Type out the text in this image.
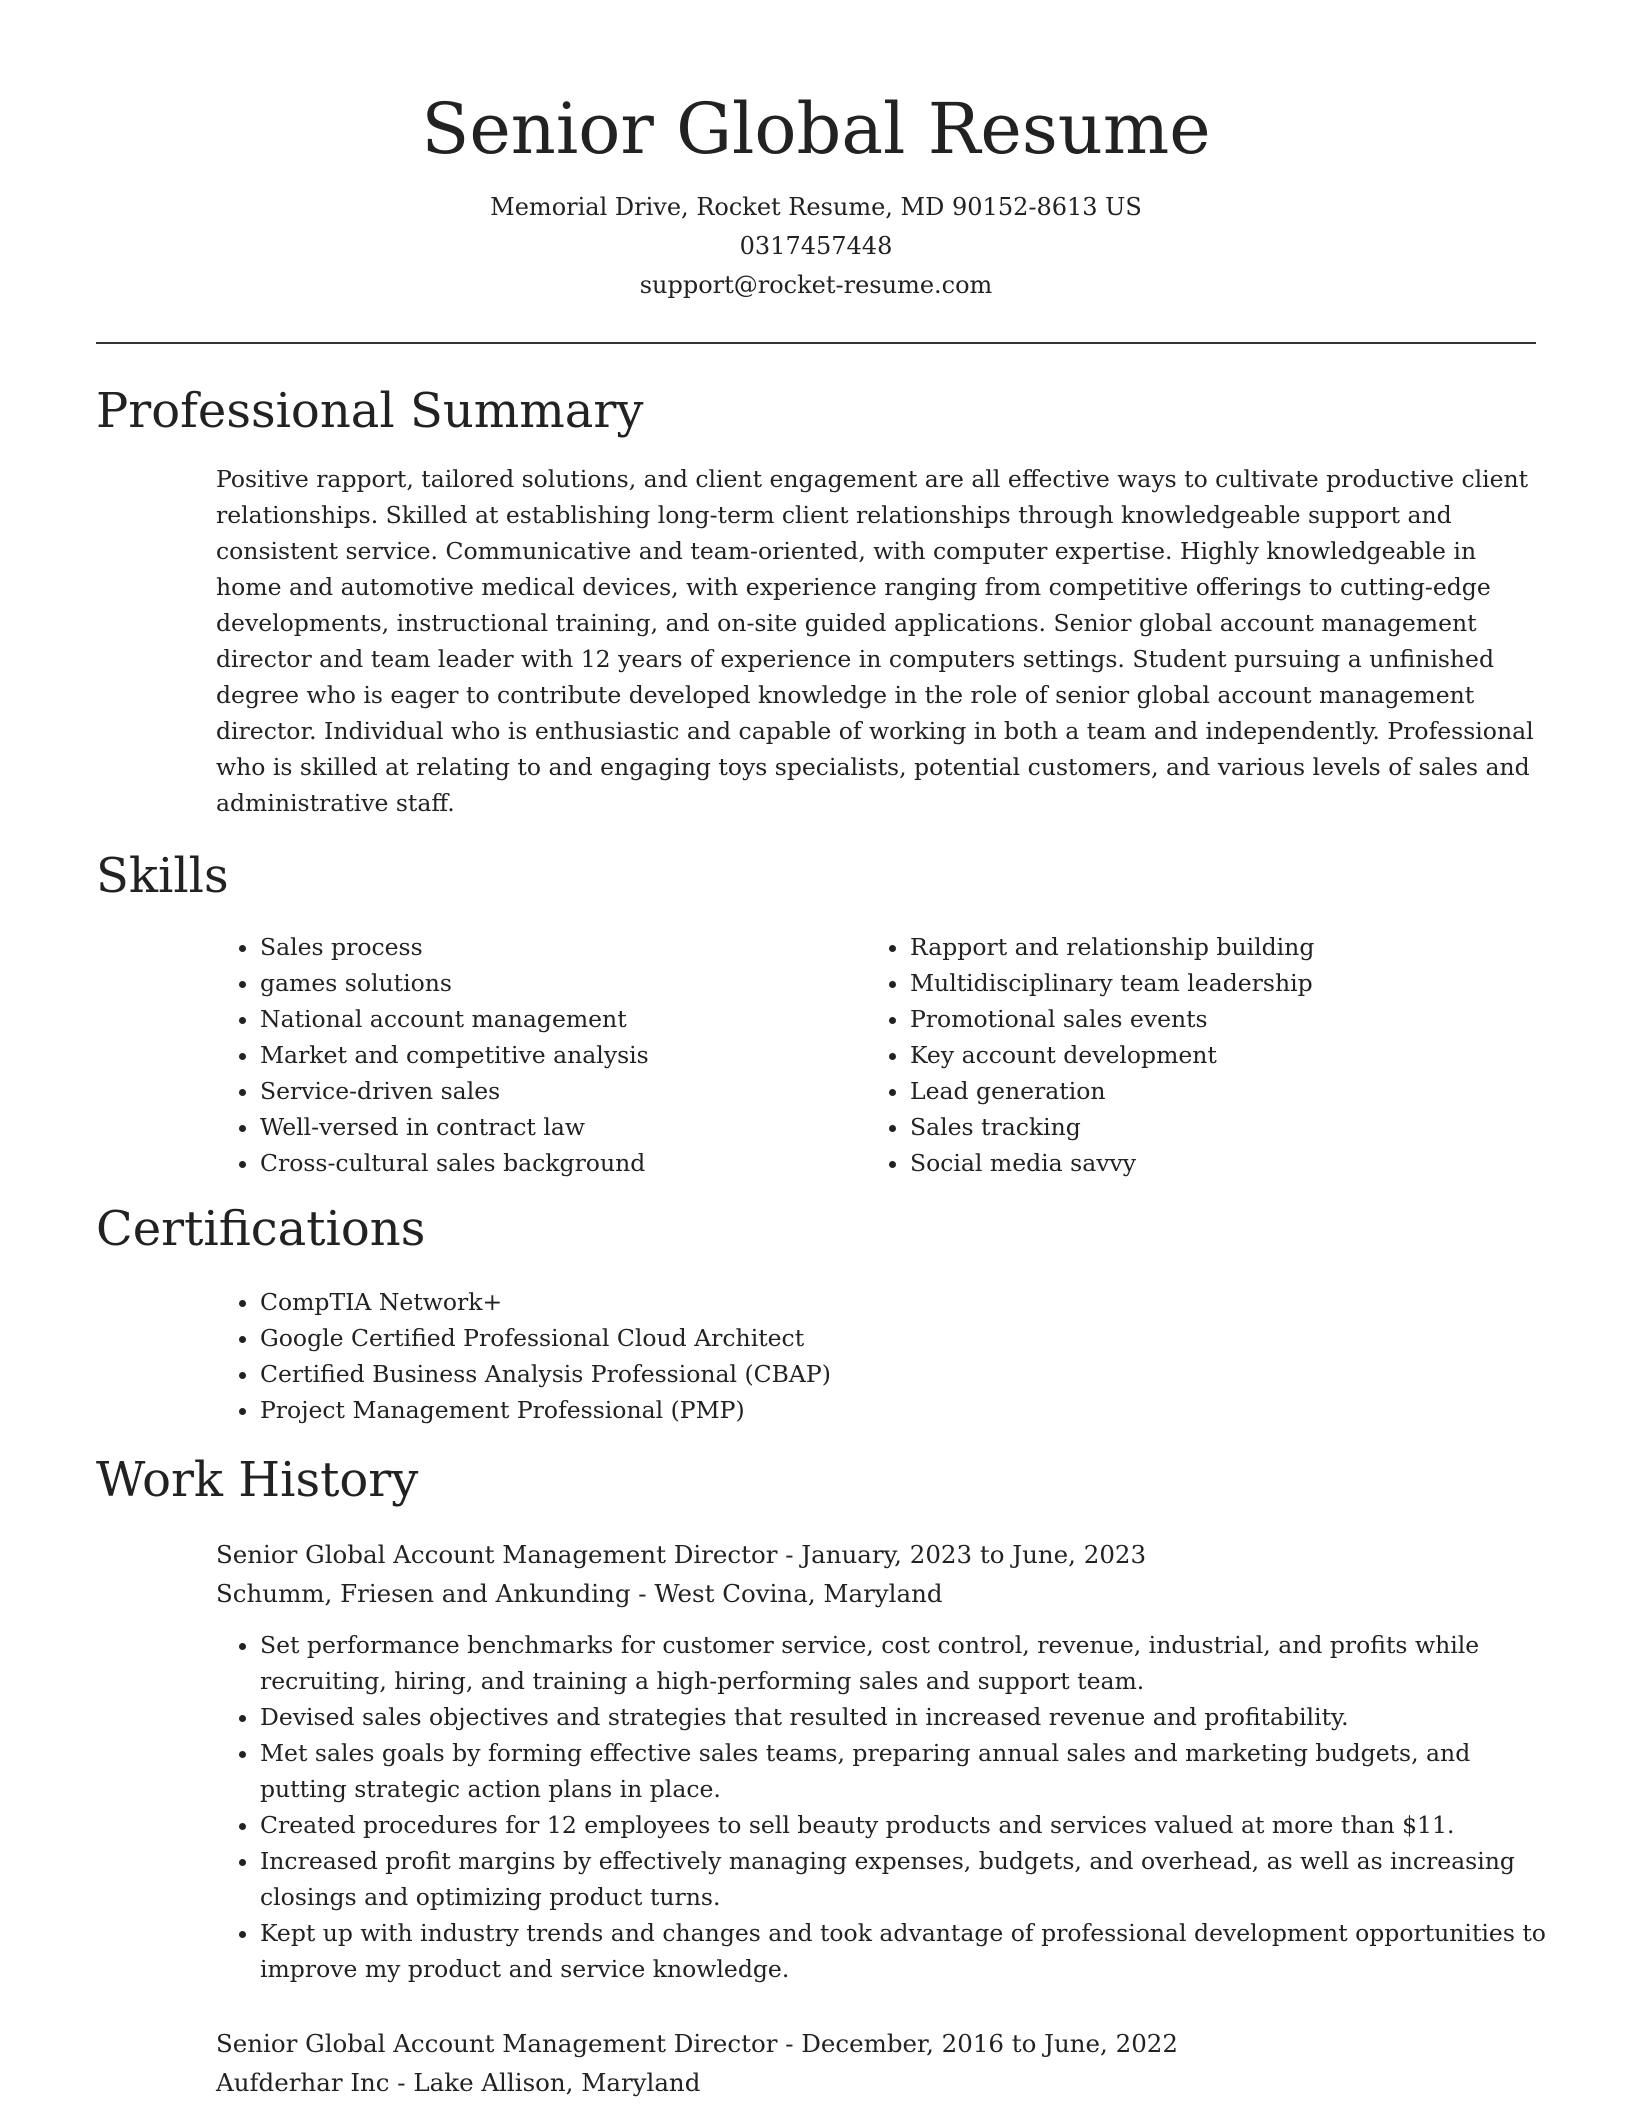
Senior Global Resume
Memorial Drive, Rocket Resume, MD 90152-8613 US
0317457448
support@rocket-resume.com
Professional Summary

Positive rapport, tailored solutions, and client engagement are all effective ways to cultivate productive client relationships. Skilled at establishing long-term client relationships through knowledgeable support and consistent service. Communicative and team-oriented, with computer expertise. Highly knowledgeable in home and automotive medical devices, with experience ranging from competitive offerings to cutting-edge developments, instructional training, and on-site guided applications. Senior global account management director and team leader with 12 years of experience in computers settings. Student pursuing a unfinished degree who is eager to contribute developed knowledge in the role of senior global account management director. Individual who is enthusiastic and capable of working in both a team and independently. Professional who is skilled at relating to and engaging toys specialists, potential customers, and various levels of sales and administrative staff.

Skills
• Sales process
• games solutions
• National account management
• Market and competitive analysis
• Service-driven sales
• Well-versed in contract law
• Cross-cultural sales background
• Rapport and relationship building
• Multidisciplinary team leadership
• Promotional sales events
• Key account development
• Lead generation
• Sales tracking
• Social media savvy
Certifications
• CompTIA Network+
• Google Certified Professional Cloud Architect
• Certified Business Analysis Professional (CBAP)
• Project Management Professional (PMP)
Work History
Senior Global Account Management Director - January, 2023 to June, 2023
Schumm, Friesen and Ankunding - West Covina, Maryland
• Set performance benchmarks for customer service, cost control, revenue, industrial, and profits while recruiting, hiring, and training a high-performing sales and support team.
• Devised sales objectives and strategies that resulted in increased revenue and profitability.
• Met sales goals by forming effective sales teams, preparing annual sales and marketing budgets, and putting strategic action plans in place.
• Created procedures for 12 employees to sell beauty products and services valued at more than $11.
• Increased profit margins by effectively managing expenses, budgets, and overhead, as well as increasing closings and optimizing product turns.
• Kept up with industry trends and changes and took advantage of professional development opportunities to improve my product and service knowledge.
Senior Global Account Management Director - December, 2016 to June, 2022
Aufderhar Inc - Lake Allison, Maryland
